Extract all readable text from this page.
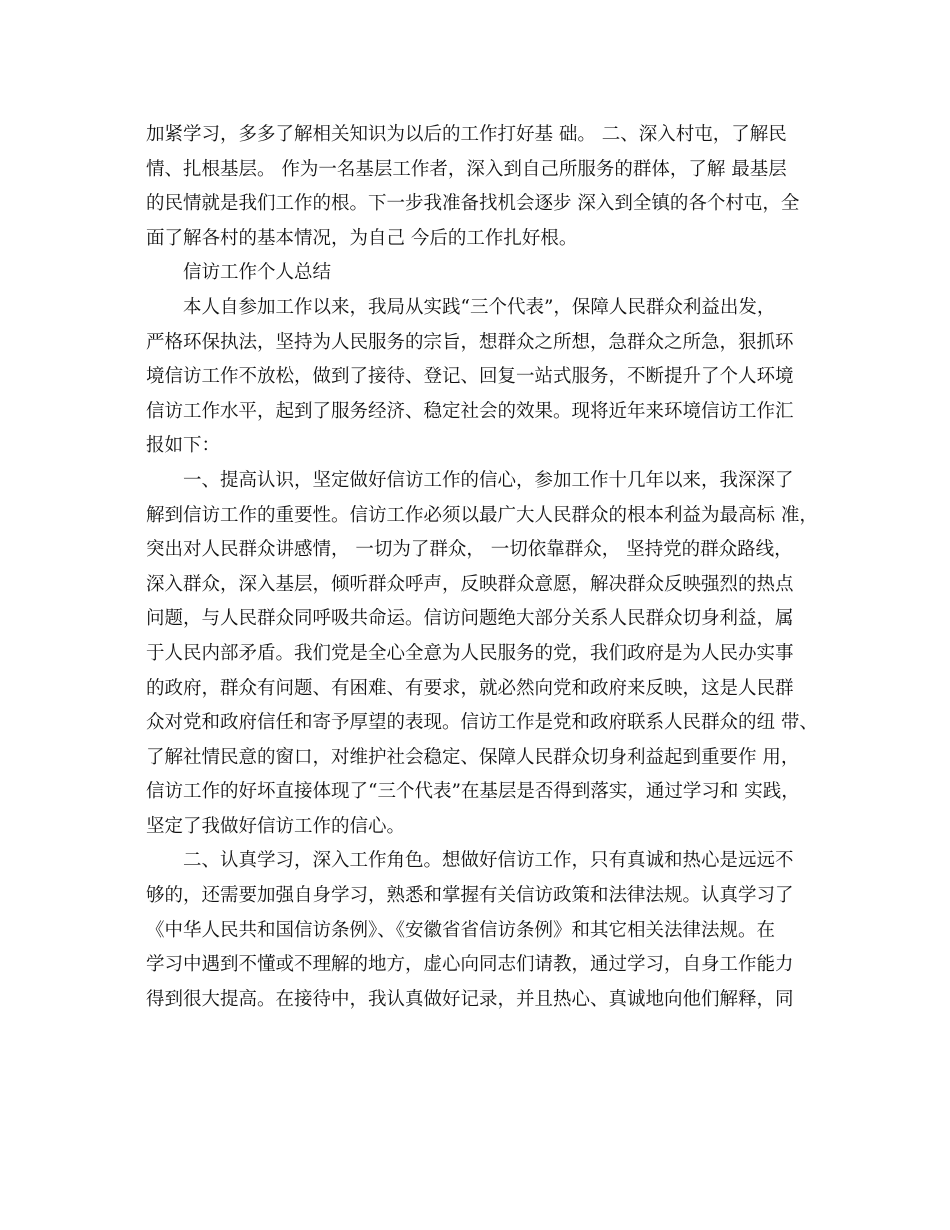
加紧学习，多多了解相关知识为以后的工作打好基 础。 二、深入村屯，了解民
情、扎根基层。 作为一名基层工作者，深入到自己所服务的群体，了解 最基层
的民情就是我们工作的根。下一步我准备找机会逐步 深入到全镇的各个村屯，全
面了解各村的基本情况，为自己 今后的工作扎好根。
信访工作个人总结
本人自参加工作以来，我局从实践“三个代表”，保障人民群众利益出发，
严格环保执法，坚持为人民服务的宗旨，想群众之所想，急群众之所急，狠抓环
境信访工作不放松，做到了接待、登记、回复一站式服务，不断提升了个人环境
信访工作水平，起到了服务经济、稳定社会的效果。现将近年来环境信访工作汇
报如下：
一、提高认识，坚定做好信访工作的信心，参加工作十几年以来，我深深了
解到信访工作的重要性。信访工作必须以最广大人民群众的根本利益为最高标 准，
突出对人民群众讲感情， 一切为了群众， 一切依靠群众， 坚持党的群众路线，
深入群众，深入基层，倾听群众呼声，反映群众意愿，解决群众反映强烈的热点
问题，与人民群众同呼吸共命运。信访问题绝大部分关系人民群众切身利益，属
于人民内部矛盾。我们党是全心全意为人民服务的党，我们政府是为人民办实事
的政府，群众有问题、有困难、有要求，就必然向党和政府来反映，这是人民群
众对党和政府信任和寄予厚望的表现。信访工作是党和政府联系人民群众的纽 带、
了解社情民意的窗口，对维护社会稳定、保障人民群众切身利益起到重要作 用，
信访工作的好坏直接体现了“三个代表”在基层是否得到落实，通过学习和 实践，
坚定了我做好信访工作的信心。
二、认真学习，深入工作角色。想做好信访工作，只有真诚和热心是远远不
够的，还需要加强自身学习，熟悉和掌握有关信访政策和法律法规。认真学习了
《中华人民共和国信访条例》、《安徽省省信访条例》和其它相关法律法规。在
学习中遇到不懂或不理解的地方，虚心向同志们请教，通过学习，自身工作能力
得到很大提高。在接待中，我认真做好记录，并且热心、真诚地向他们解释，同
